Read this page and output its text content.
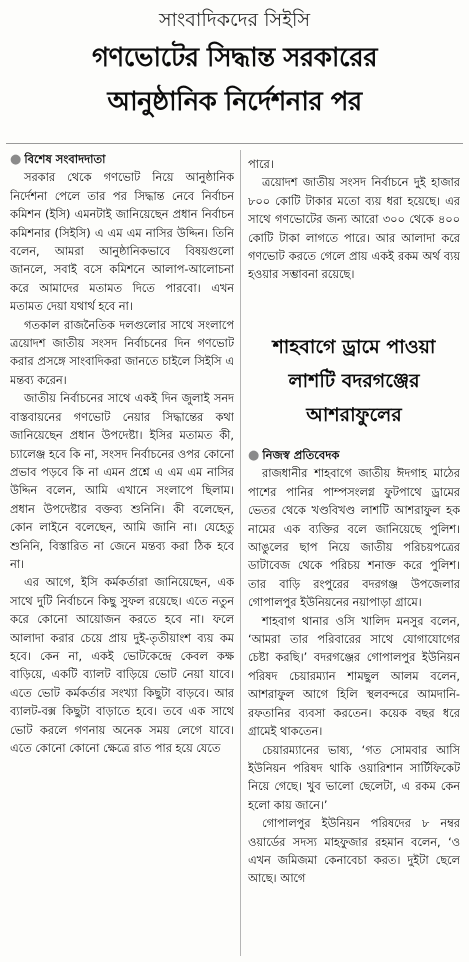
সাংবাদিকদের সিইসি
গণভোটের সিদ্ধান্ত সরকারের
আনুষ্ঠানিক নির্দেশনার পর

● বিশেষ সংবাদদাতা

সরকার থেকে গণভোট নিয়ে আনুষ্ঠানিক নির্দেশনা পেলে তার পর সিদ্ধান্ত নেবে নির্বাচন কমিশন (ইসি) এমনটাই জানিয়েছেন প্রধান নির্বাচন কমিশনার (সিইসি) এ এম এম নাসির উদ্দিন। তিনি বলেন, আমরা আনুষ্ঠানিকভাবে বিষয়গুলো জানলে, সবাই বসে কমিশনে আলাপ-আলোচনা করে আমাদের মতামত দিতে পারবো। এখন মতামত দেয়া যথার্থ হবে না।

গতকাল রাজনৈতিক দলগুলোর সাথে সংলাপে ত্রয়োদশ জাতীয় সংসদ নির্বাচনের দিন গণভোট করার প্রসঙ্গে সাংবাদিকরা জানতে চাইলে সিইসি এ মন্তব্য করেন।

জাতীয় নির্বাচনের সাথে একই দিন জুলাই সনদ বাস্তবায়নের গণভোট নেয়ার সিদ্ধান্তের কথা জানিয়েছেন প্রধান উপদেষ্টা। ইসির মতামত কী, চ্যালেঞ্জ হবে কি না, সংসদ নির্বাচনের ওপর কোনো প্রভাব পড়বে কি না এমন প্রশ্নে এ এম এম নাসির উদ্দিন বলেন, আমি এখানে সংলাপে ছিলাম। প্রধান উপদেষ্টার বক্তব্য শুনিনি। কী বলেছেন, কোন লাইনে বলেছেন, আমি জানি না। যেহেতু শুনিনি, বিস্তারিত না জেনে মন্তব্য করা ঠিক হবে না।

এর আগে, ইসি কর্মকর্তারা জানিয়েছেন, এক সাথে দুটি নির্বাচনে কিছু সুফল রয়েছে। এতে নতুন করে কোনো আয়োজন করতে হবে না। ফলে আলাদা করার চেয়ে প্রায় দুই-তৃতীয়াংশ ব্যয় কম হবে। কেন না, একই ভোটকেন্দ্রে কেবল কক্ষ বাড়িয়ে, একটি ব্যালট বাড়িয়ে ভোট নেয়া যাবে। এতে ভোট কর্মকর্তার সংখ্যা কিছুটা বাড়বে। আর ব্যালট-বক্স কিছুটা বাড়াতে হবে। তবে এক সাথে ভোট করলে গণনায় অনেক সময় লেগে যাবে। এতে কোনো কোনো ক্ষেত্রে রাত পার হয়ে যেতে

পারে।

ত্রয়োদশ জাতীয় সংসদ নির্বাচনে দুই হাজার ৮০০ কোটি টাকার মতো ব্যয় ধরা হয়েছে। এর সাথে গণভোটের জন্য আরো ৩০০ থেকে ৪০০ কোটি টাকা লাগতে পারে। আর আলাদা করে গণভোট করতে গেলে প্রায় একই রকম অর্থ ব্যয় হওয়ার সম্ভাবনা রয়েছে।

শাহবাগে ড্রামে পাওয়া
লাশটি বদরগঞ্জের
আশরাফুলের

● নিজস্ব প্রতিবেদক

রাজধানীর শাহবাগে জাতীয় ঈদগাহ মাঠের পাশের পানির পাম্পসংলগ্ন ফুটপাথে ড্রামের ভেতর থেকে খণ্ডবিখণ্ড লাশটি আশরাফুল হক নামের এক ব্যক্তির বলে জানিয়েছে পুলিশ। আঙুলের ছাপ নিয়ে জাতীয় পরিচয়পত্রের ডাটাবেজ থেকে পরিচয় শনাক্ত করে পুলিশ। তার বাড়ি রংপুরের বদরগঞ্জ উপজেলার গোপালপুর ইউনিয়নের নয়াপাড়া গ্রামে।

শাহবাগ থানার ওসি খালিদ মনসুর বলেন, ‘আমরা তার পরিবারের সাথে যোগাযোগের চেষ্টা করছি।’ বদরগঞ্জের গোপালপুর ইউনিয়ন পরিষদ চেয়ারম্যান শামছুল আলম বলেন, আশরাফুল আগে হিলি স্থলবন্দরে আমদানি-রফতানির ব্যবসা করতেন। কয়েক বছর ধরে গ্রামেই থাকতেন।

চেয়ারম্যানের ভাষ্য, ‘গত সোমবার আসি ইউনিয়ন পরিষদ থাকি ওয়ারিশান সার্টিফিকেট নিয়ে গেছে। খুব ভালো ছেলেটা, এ রকম কেন হলো কায় জানে।’

গোপালপুর ইউনিয়ন পরিষদের ৮ নম্বর ওয়ার্ডের সদস্য মাহফুজার রহমান বলেন, ‘ও এখন জমিজমা কেনাবেচা করত। দুইটা ছেলে আছে। আগে
